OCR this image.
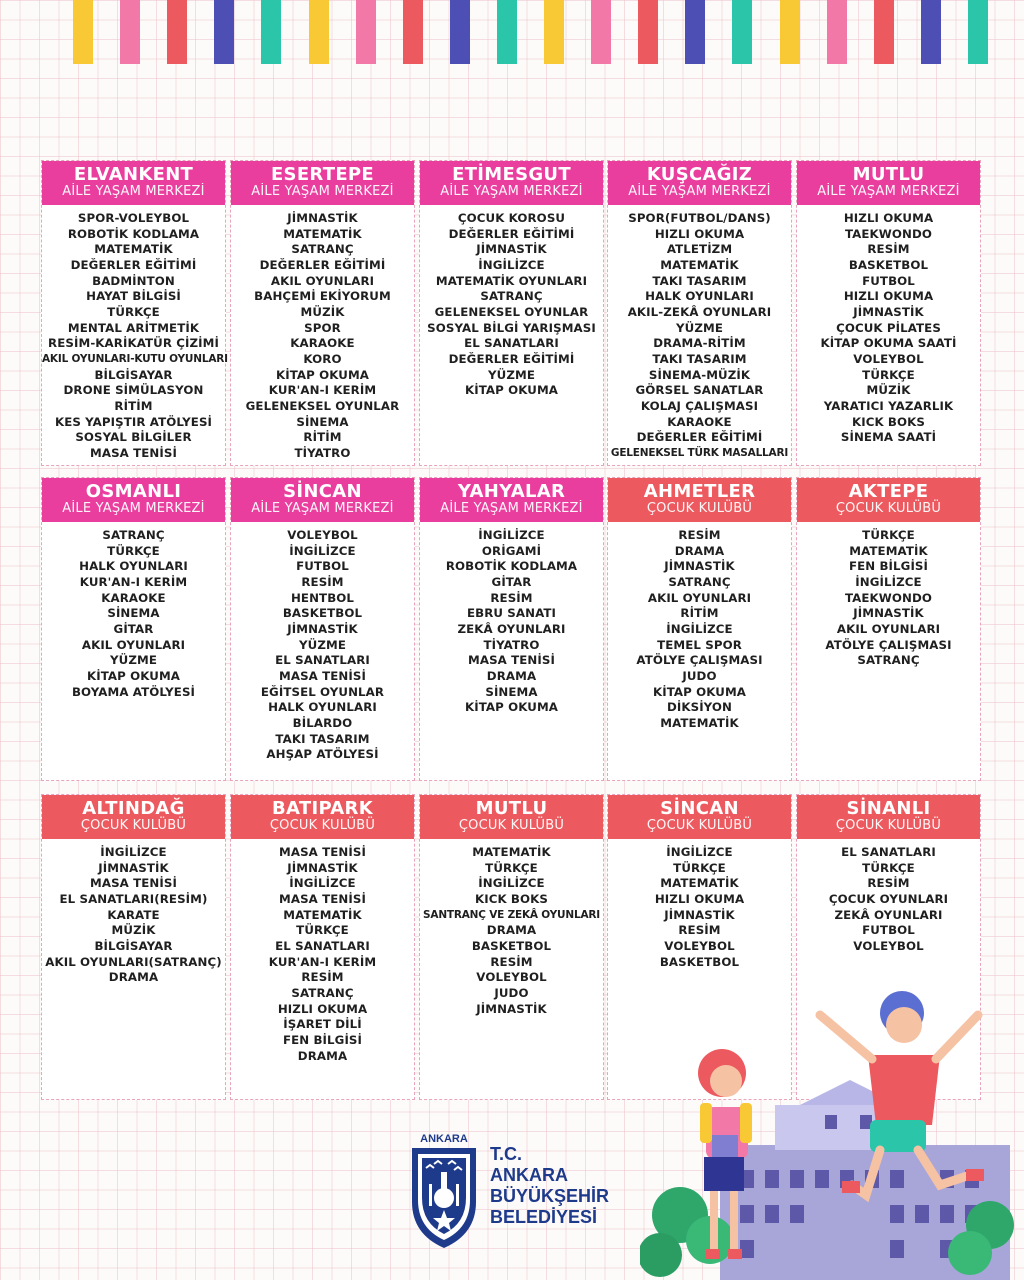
ELVANKENT
AİLE YAŞAM MERKEZİ
SPOR-VOLEYBOL
ROBOTİK KODLAMA
MATEMATİK
DEĞERLER EĞİTİMİ
BADMİNTON
HAYAT BİLGİSİ
TÜRKÇE
MENTAL ARİTMETİK
RESİM-KARİKATÜR ÇİZİMİ
AKIL OYUNLARI-KUTU OYUNLARI
BİLGİSAYAR
DRONE SİMÜLASYON
RİTİM
KES YAPIŞTIR ATÖLYESİ
SOSYAL BİLGİLER
MASA TENİSİ
ESERTEPE
AİLE YAŞAM MERKEZİ
JİMNASTİK
MATEMATİK
SATRANÇ
DEĞERLER EĞİTİMİ
AKIL OYUNLARI
BAHÇEMİ EKİYORUM
MÜZİK
SPOR
KARAOKE
KORO
KİTAP OKUMA
KUR'AN-I KERİM
GELENEKSEL OYUNLAR
SİNEMA
RİTİM
TİYATRO
ETİMESGUT
AİLE YAŞAM MERKEZİ
ÇOCUK KOROSU
DEĞERLER EĞİTİMİ
JİMNASTİK
İNGİLİZCE
MATEMATİK OYUNLARI
SATRANÇ
GELENEKSEL OYUNLAR
SOSYAL BİLGİ YARIŞMASI
EL SANATLARI
DEĞERLER EĞİTİMİ
YÜZME
KİTAP OKUMA
KUŞCAĞIZ
AİLE YAŞAM MERKEZİ
SPOR(FUTBOL/DANS)
HIZLI OKUMA
ATLETİZM
MATEMATİK
TAKI TASARIM
HALK OYUNLARI
AKIL-ZEKÂ OYUNLARI
YÜZME
DRAMA-RİTİM
TAKI TASARIM
SİNEMA-MÜZİK
GÖRSEL SANATLAR
KOLAJ ÇALIŞMASI
KARAOKE
DEĞERLER EĞİTİMİ
GELENEKSEL TÜRK MASALLARI
MUTLU
AİLE YAŞAM MERKEZİ
HIZLI OKUMA
TAEKWONDO
RESİM
BASKETBOL
FUTBOL
HIZLI OKUMA
JİMNASTİK
ÇOCUK PİLATES
KİTAP OKUMA SAATİ
VOLEYBOL
TÜRKÇE
MÜZİK
YARATICI YAZARLIK
KICK BOKS
SİNEMA SAATİ
OSMANLI
AİLE YAŞAM MERKEZİ
SATRANÇ
TÜRKÇE
HALK OYUNLARI
KUR'AN-I KERİM
KARAOKE
SİNEMA
GİTAR
AKIL OYUNLARI
YÜZME
KİTAP OKUMA
BOYAMA ATÖLYESİ
SİNCAN
AİLE YAŞAM MERKEZİ
VOLEYBOL
İNGİLİZCE
FUTBOL
RESİM
HENTBOL
BASKETBOL
JİMNASTİK
YÜZME
EL SANATLARI
MASA TENİSİ
EĞİTSEL OYUNLAR
HALK OYUNLARI
BİLARDO
TAKI TASARIM
AHŞAP ATÖLYESİ
YAHYALAR
AİLE YAŞAM MERKEZİ
İNGİLİZCE
ORİGAMİ
ROBOTİK KODLAMA
GİTAR
RESİM
EBRU SANATI
ZEKÂ OYUNLARI
TİYATRO
MASA TENİSİ
DRAMA
SİNEMA
KİTAP OKUMA
AHMETLER
ÇOCUK KULÜBÜ
RESİM
DRAMA
JİMNASTİK
SATRANÇ
AKIL OYUNLARI
RİTİM
İNGİLİZCE
TEMEL SPOR
ATÖLYE ÇALIŞMASI
JUDO
KİTAP OKUMA
DİKSİYON
MATEMATİK
AKTEPE
ÇOCUK KULÜBÜ
TÜRKÇE
MATEMATİK
FEN BİLGİSİ
İNGİLİZCE
TAEKWONDO
JİMNASTİK
AKIL OYUNLARI
ATÖLYE ÇALIŞMASI
SATRANÇ
ALTINDAĞ
ÇOCUK KULÜBÜ
İNGİLİZCE
JİMNASTİK
MASA TENİSİ
EL SANATLARI(RESİM)
KARATE
MÜZİK
BİLGİSAYAR
AKIL OYUNLARI(SATRANÇ)
DRAMA
BATIPARK
ÇOCUK KULÜBÜ
MASA TENİSİ
JİMNASTİK
İNGİLİZCE
MASA TENİSİ
MATEMATİK
TÜRKÇE
EL SANATLARI
KUR'AN-I KERİM
RESİM
SATRANÇ
HIZLI OKUMA
İŞARET DİLİ
FEN BİLGİSİ
DRAMA
MUTLU
ÇOCUK KULÜBÜ
MATEMATİK
TÜRKÇE
İNGİLİZCE
KICK BOKS
SANTRANÇ VE ZEKÂ OYUNLARI
DRAMA
BASKETBOL
RESİM
VOLEYBOL
JUDO
JİMNASTİK
SİNCAN
ÇOCUK KULÜBÜ
İNGİLİZCE
TÜRKÇE
MATEMATİK
HIZLI OKUMA
JİMNASTİK
RESİM
VOLEYBOL
BASKETBOL
SİNANLI
ÇOCUK KULÜBÜ
EL SANATLARI
TÜRKÇE
RESİM
ÇOCUK OYUNLARI
ZEKÂ OYUNLARI
FUTBOL
VOLEYBOL
ANKARA
T.C.
ANKARA
BÜYÜKŞEHİR
BELEDİYESİ
